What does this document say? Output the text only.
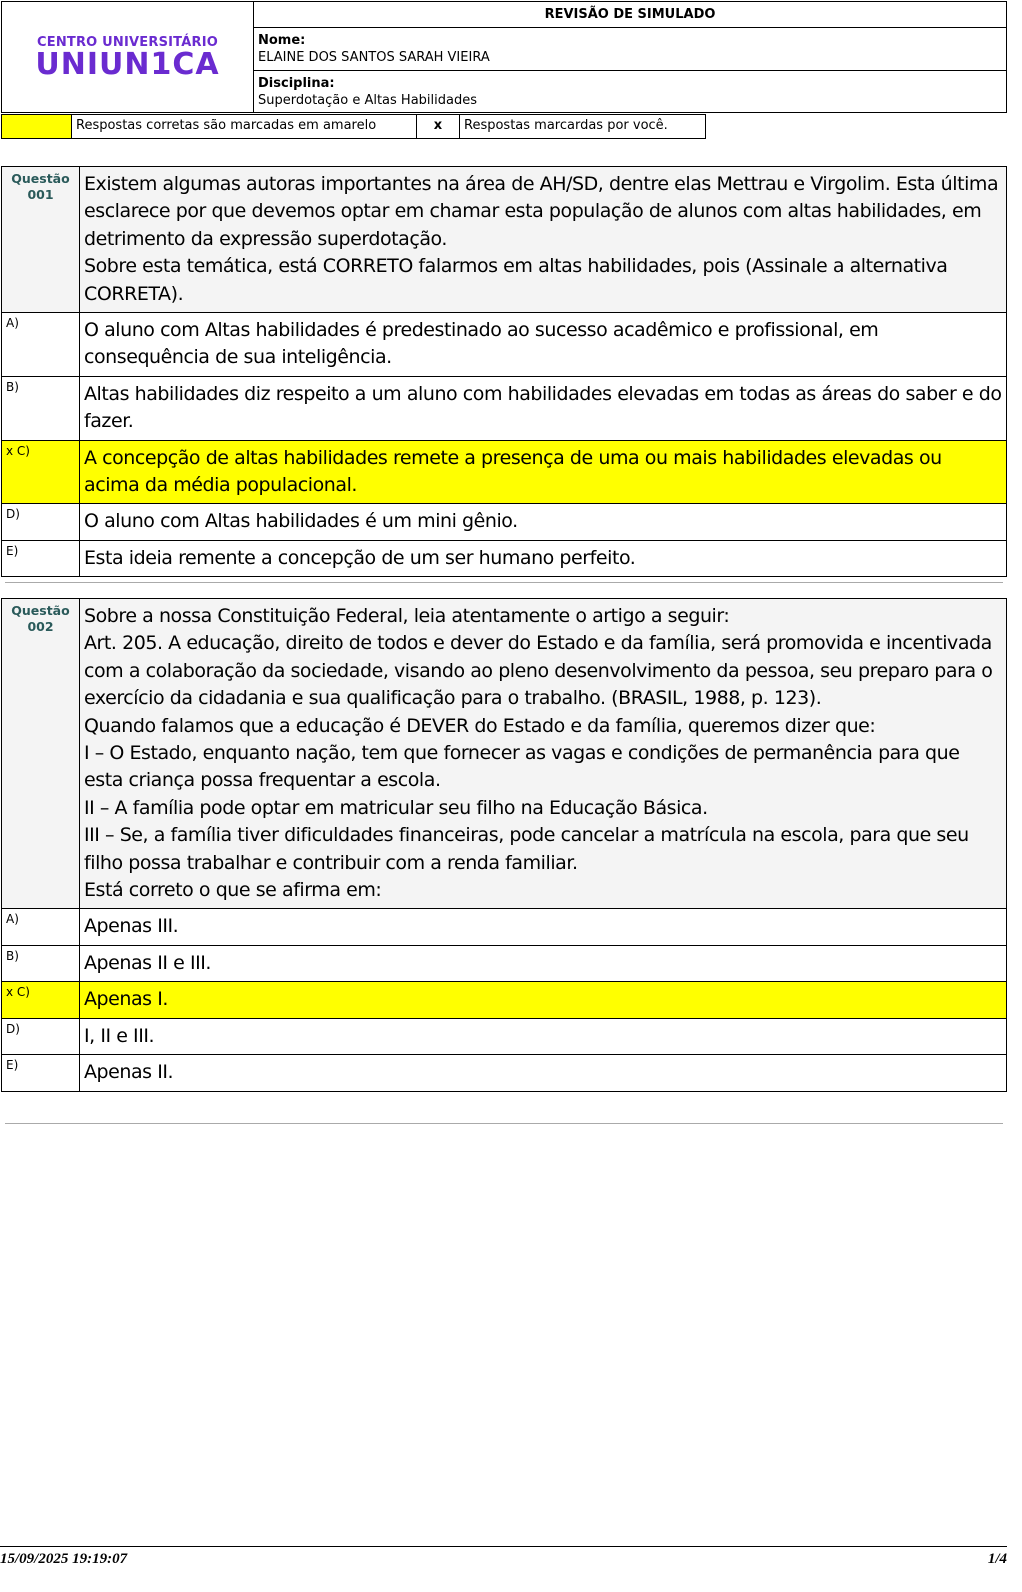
CENTRO UNIVERSITÁRIO
UNIUN1CA
REVISÃO DE SIMULADO
Nome:
ELAINE DOS SANTOS SARAH VIEIRA
Disciplina:
Superdotação e Altas Habilidades
Respostas corretas são marcadas em amarelo	x	Respostas marcardas por você.
Questão
001	Existem algumas autoras importantes na área de AH/SD, dentre elas Mettrau e Virgolim. Esta última esclarece por que devemos optar em chamar esta população de alunos com altas habilidades, em detrimento da expressão superdotação.
Sobre esta temática, está CORRETO falarmos em altas habilidades, pois (Assinale a alternativa CORRETA).
A)	O aluno com Altas habilidades é predestinado ao sucesso acadêmico e profissional, em consequência de sua inteligência.
B)	Altas habilidades diz respeito a um aluno com habilidades elevadas em todas as áreas do saber e do fazer.
x C)	A concepção de altas habilidades remete a presença de uma ou mais habilidades elevadas ou acima da média populacional.
D)	O aluno com Altas habilidades é um mini gênio.
E)	Esta ideia remente a concepção de um ser humano perfeito.
Questão
002	Sobre a nossa Constituição Federal, leia atentamente o artigo a seguir:
Art. 205. A educação, direito de todos e dever do Estado e da família, será promovida e incentivada com a colaboração da sociedade, visando ao pleno desenvolvimento da pessoa, seu preparo para o exercício da cidadania e sua qualificação para o trabalho. (BRASIL, 1988, p. 123).
Quando falamos que a educação é DEVER do Estado e da família, queremos dizer que:
I – O Estado, enquanto nação, tem que fornecer as vagas e condições de permanência para que esta criança possa frequentar a escola.
II – A família pode optar em matricular seu filho na Educação Básica.
III – Se, a família tiver dificuldades financeiras, pode cancelar a matrícula na escola, para que seu filho possa trabalhar e contribuir com a renda familiar.
Está correto o que se afirma em:
A)	Apenas III.
B)	Apenas II e III.
x C)	Apenas I.
D)	I, II e III.
E)	Apenas II.
15/09/2025 19:19:07	1/4
